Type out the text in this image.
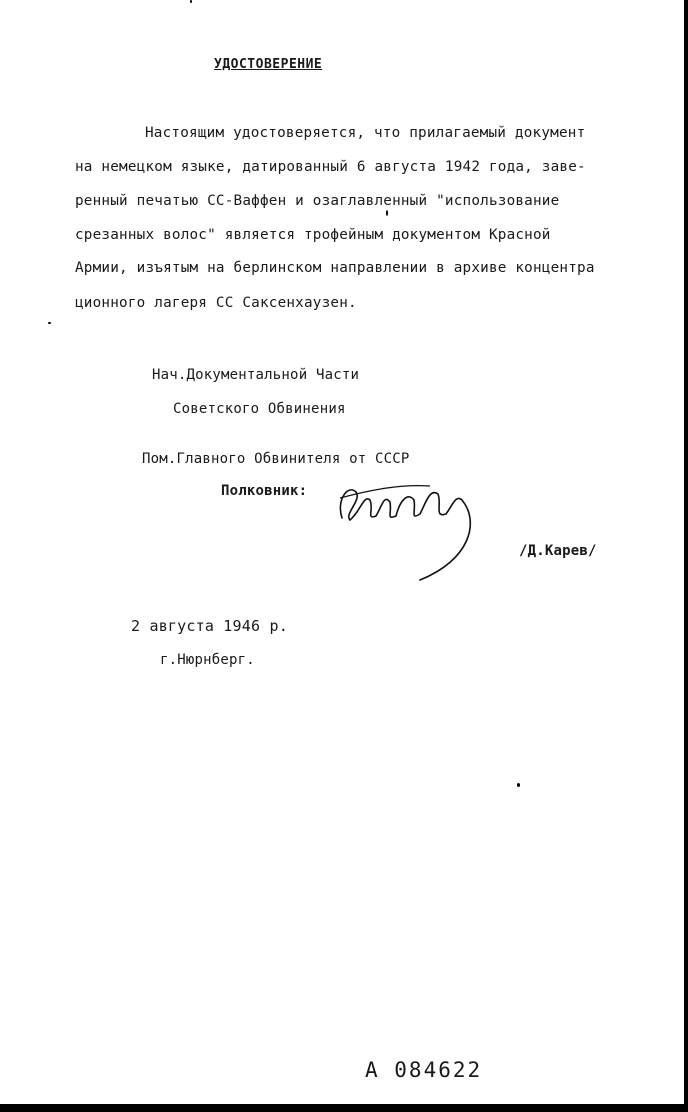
УДОСТОВЕРЕНИЕ
Настоящим удостоверяется, что прилагаемый документ
на немецком языке, датированный 6 августа 1942 года, заве-
ренный печатью СС-Ваффен и озаглавленный "использование
срезанных волос" является трофейным документом Красной
Армии, изъятым на берлинском направлении в архиве концентра
ционного лагеря СС Саксенхаузен.
Нач.Документальной Части
Советского Обвинения
Пом.Главного Обвинителя от СССР
Полковник:
/Д.Карев/
2 августа 1946 р.
г.Нюрнберг.
А 084622
